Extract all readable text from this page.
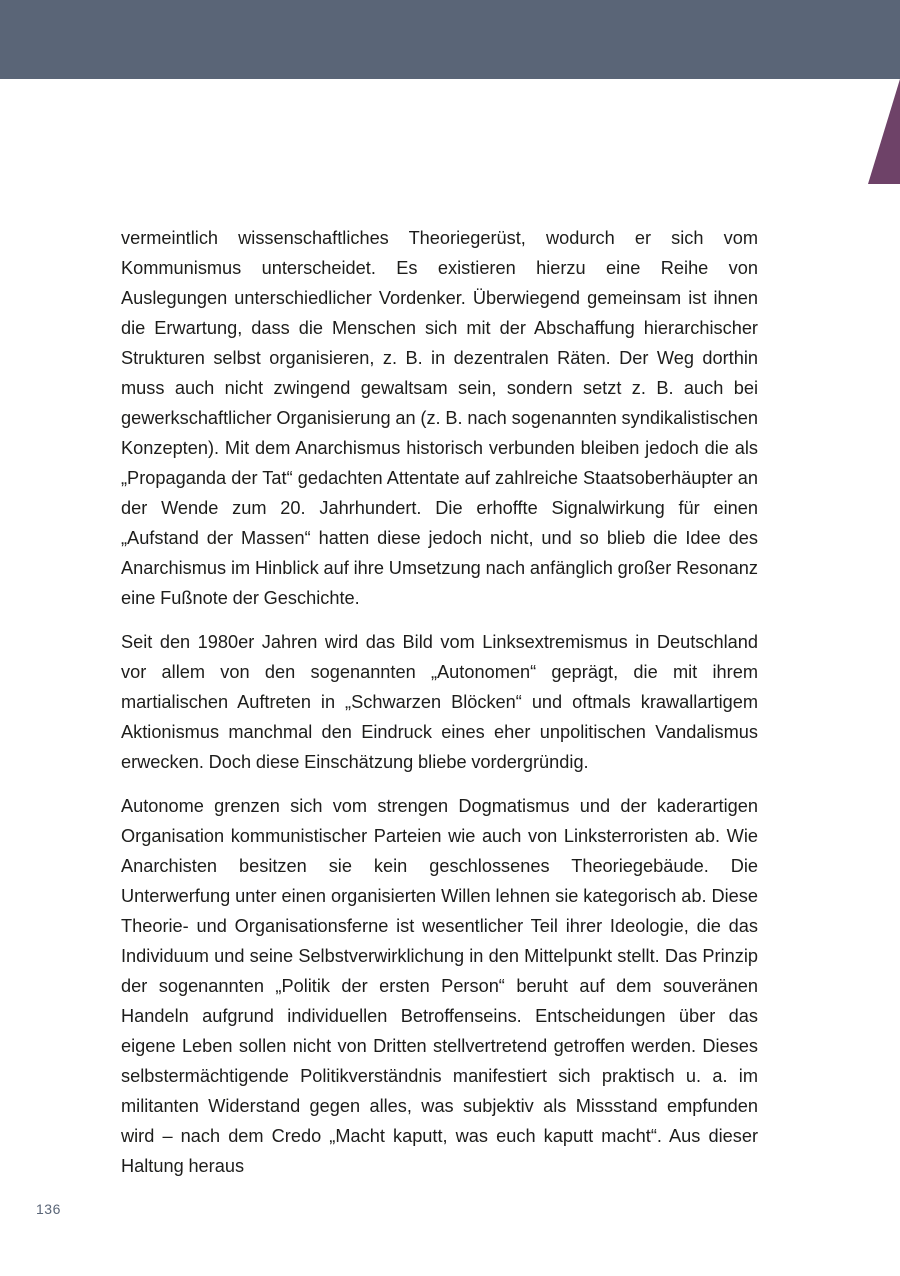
vermeintlich wissenschaftliches Theoriegerüst, wodurch er sich vom Kommunismus unterscheidet. Es existieren hierzu eine Reihe von Auslegungen unterschiedlicher Vordenker. Überwiegend gemeinsam ist ihnen die Erwartung, dass die Menschen sich mit der Abschaffung hierarchischer Strukturen selbst organisieren, z. B. in dezentralen Räten. Der Weg dorthin muss auch nicht zwingend gewaltsam sein, sondern setzt z. B. auch bei gewerkschaftlicher Organisierung an (z. B. nach sogenannten syndikalistischen Konzepten). Mit dem Anarchismus historisch verbunden bleiben jedoch die als „Propaganda der Tat“ gedachten Attentate auf zahlreiche Staatsoberhäupter an der Wende zum 20. Jahrhundert. Die erhoffte Signalwirkung für einen „Aufstand der Massen“ hatten diese jedoch nicht, und so blieb die Idee des Anarchismus im Hinblick auf ihre Umsetzung nach anfänglich großer Resonanz eine Fußnote der Geschichte.

Seit den 1980er Jahren wird das Bild vom Linksextremismus in Deutschland vor allem von den sogenannten „Autonomen“ geprägt, die mit ihrem martialischen Auftreten in „Schwarzen Blöcken“ und oftmals krawallartigem Aktionismus manchmal den Eindruck eines eher unpolitischen Vandalismus erwecken. Doch diese Einschätzung bliebe vordergründig.

Autonome grenzen sich vom strengen Dogmatismus und der kaderartigen Organisation kommunistischer Parteien wie auch von Linksterroristen ab. Wie Anarchisten besitzen sie kein geschlossenes Theoriegebäude. Die Unterwerfung unter einen organisierten Willen lehnen sie kategorisch ab. Diese Theorie- und Organisationsferne ist wesentlicher Teil ihrer Ideologie, die das Individuum und seine Selbstverwirklichung in den Mittelpunkt stellt. Das Prinzip der sogenannten „Politik der ersten Person“ beruht auf dem souveränen Handeln aufgrund individuellen Betroffenseins. Entscheidungen über das eigene Leben sollen nicht von Dritten stellvertretend getroffen werden. Dieses selbstermächtigende Politikverständnis manifestiert sich praktisch u. a. im militanten Widerstand gegen alles, was subjektiv als Missstand empfunden wird – nach dem Credo „Macht kaputt, was euch kaputt macht“. Aus dieser Haltung heraus

136
